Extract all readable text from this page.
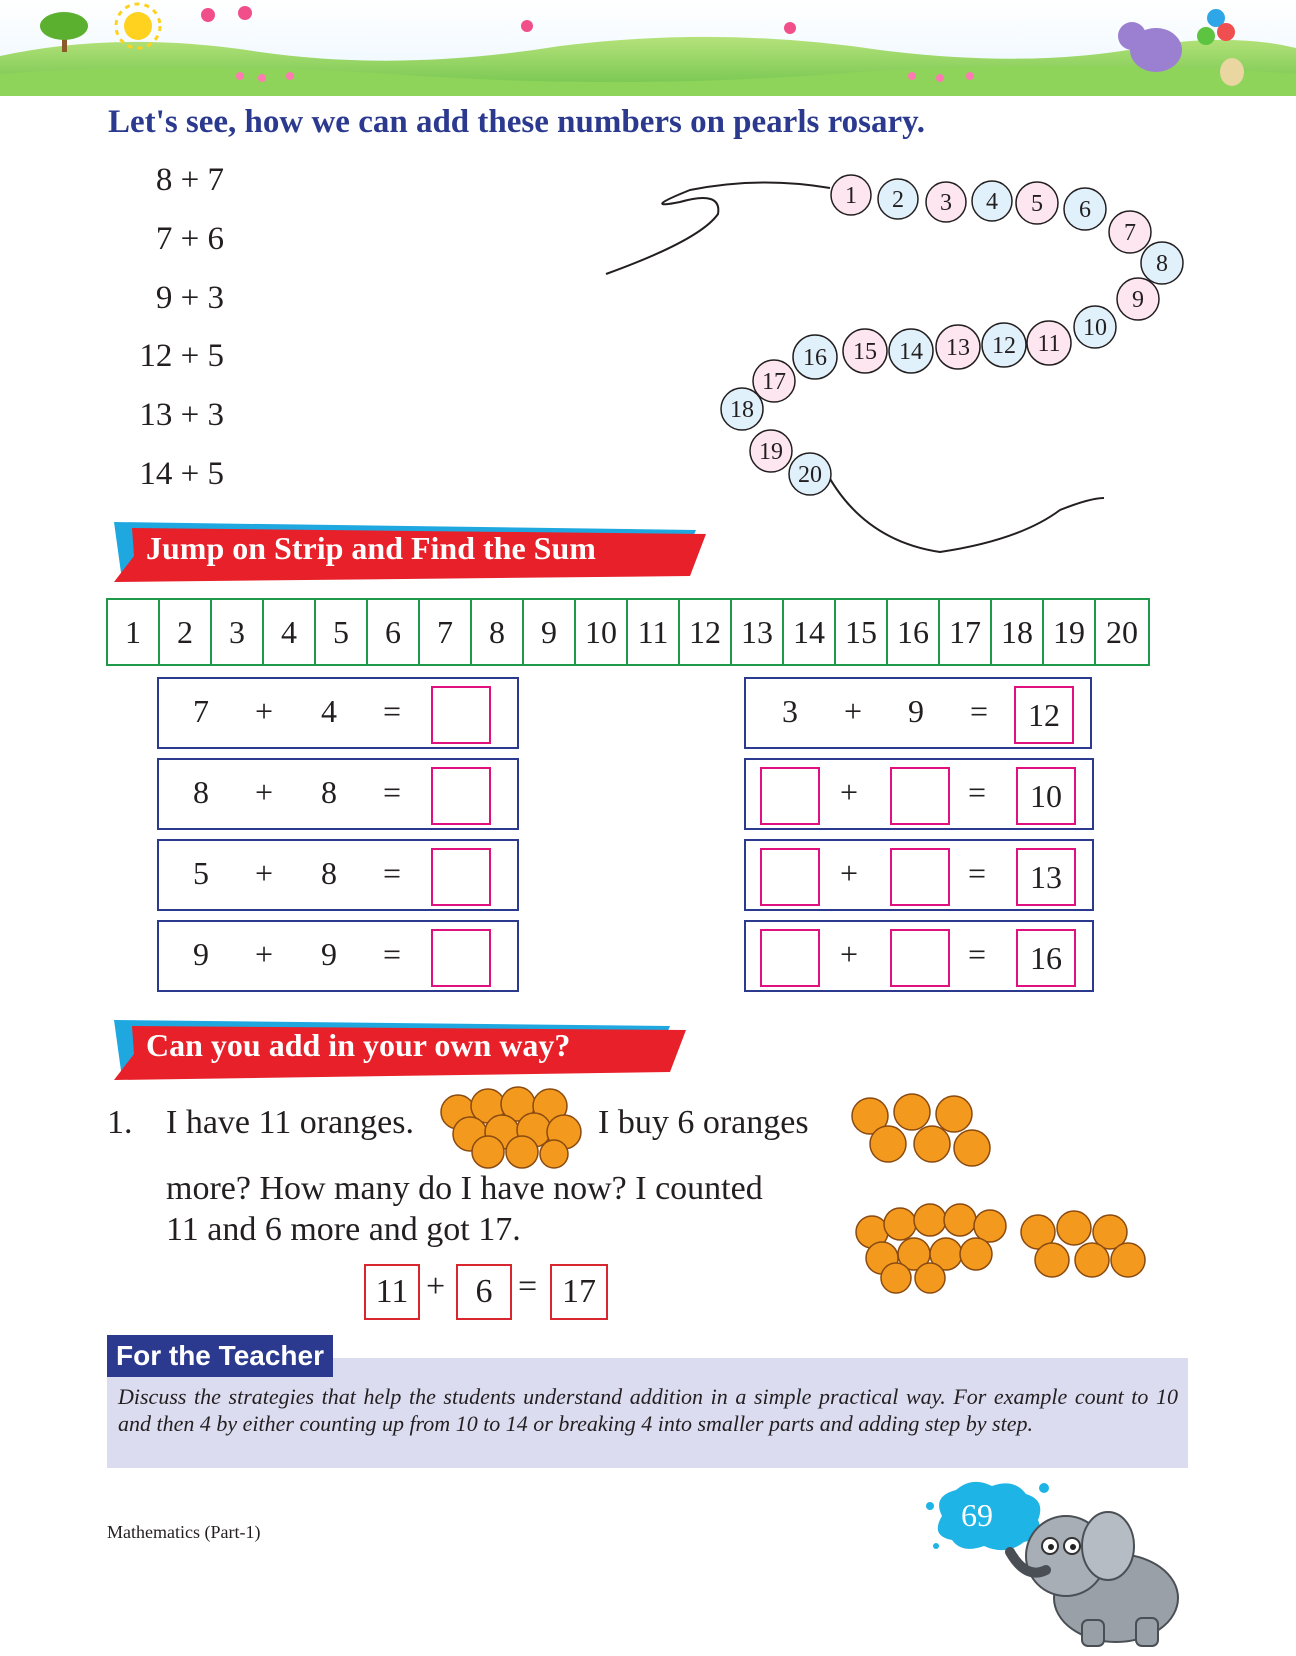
Let's see, how we can add these numbers on pearls rosary.
8 + 7
7 + 6
9 + 3
12 + 5
13 + 3
14 + 5
1 2 3 4 5 6
7
8
9
10
11
12
13
14
15
16
17
18
19
20
Jump on Strip and Find the Sum
1	2	3	4	5	6	7	8	9 10 11 12 13 14 15 16 17 18 19 20
7 + 4 =
8 + 8 =
5 + 8 =
9 + 9 =
3 + 9 =	12
+	=	10
+	=	13
+	=	16
Can you add in your own way?
1. I have 11 oranges.	I buy 6 oranges
more? How many do I have now? I counted
11 and 6 more and got 17.
11 + 6 = 17
For the Teacher
Discuss the strategies that help the students understand addition in a simple practical way. For example count to 10 and then 4 by either counting up from 10 to 14 or breaking 4 into smaller parts and adding step by step.
Mathematics (Part-1)	69
